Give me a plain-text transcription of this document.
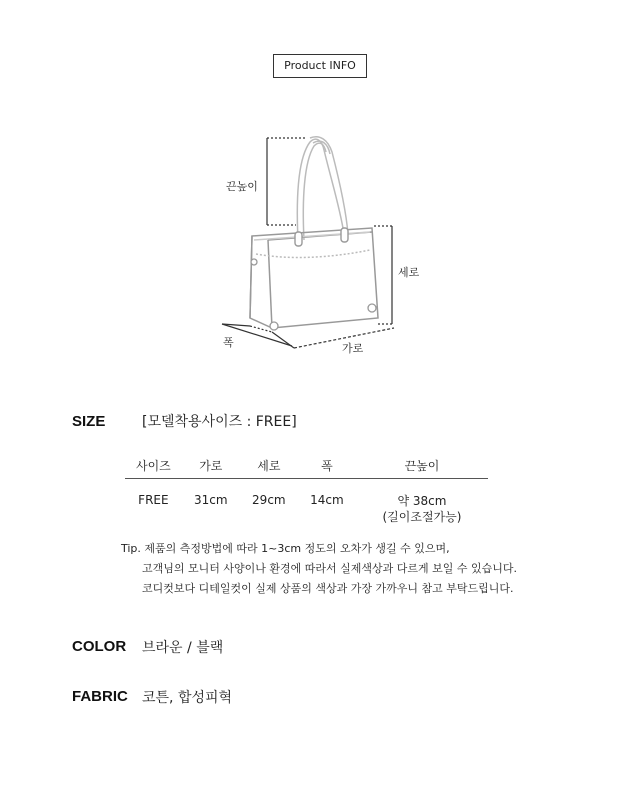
Product INFO
끈높이
세로
폭	가로
SIZE	[모델착용사이즈 : FREE]
사이즈	가로	세로	폭	끈높이
FREE	31cm	29cm	14cm	약 38cm
(길이조절가능)
Tip. 제품의 측정방법에 따라 1~3cm 정도의 오차가 생길 수 있으며,
고객님의 모니터 사양이나 환경에 따라서 실제색상과 다르게 보일 수 있습니다.
코디컷보다 디테일컷이 실제 상품의 색상과 가장 가까우니 참고 부탁드립니다.
COLOR 브라운 / 블랙
FABRIC 코튼, 합성피혁
